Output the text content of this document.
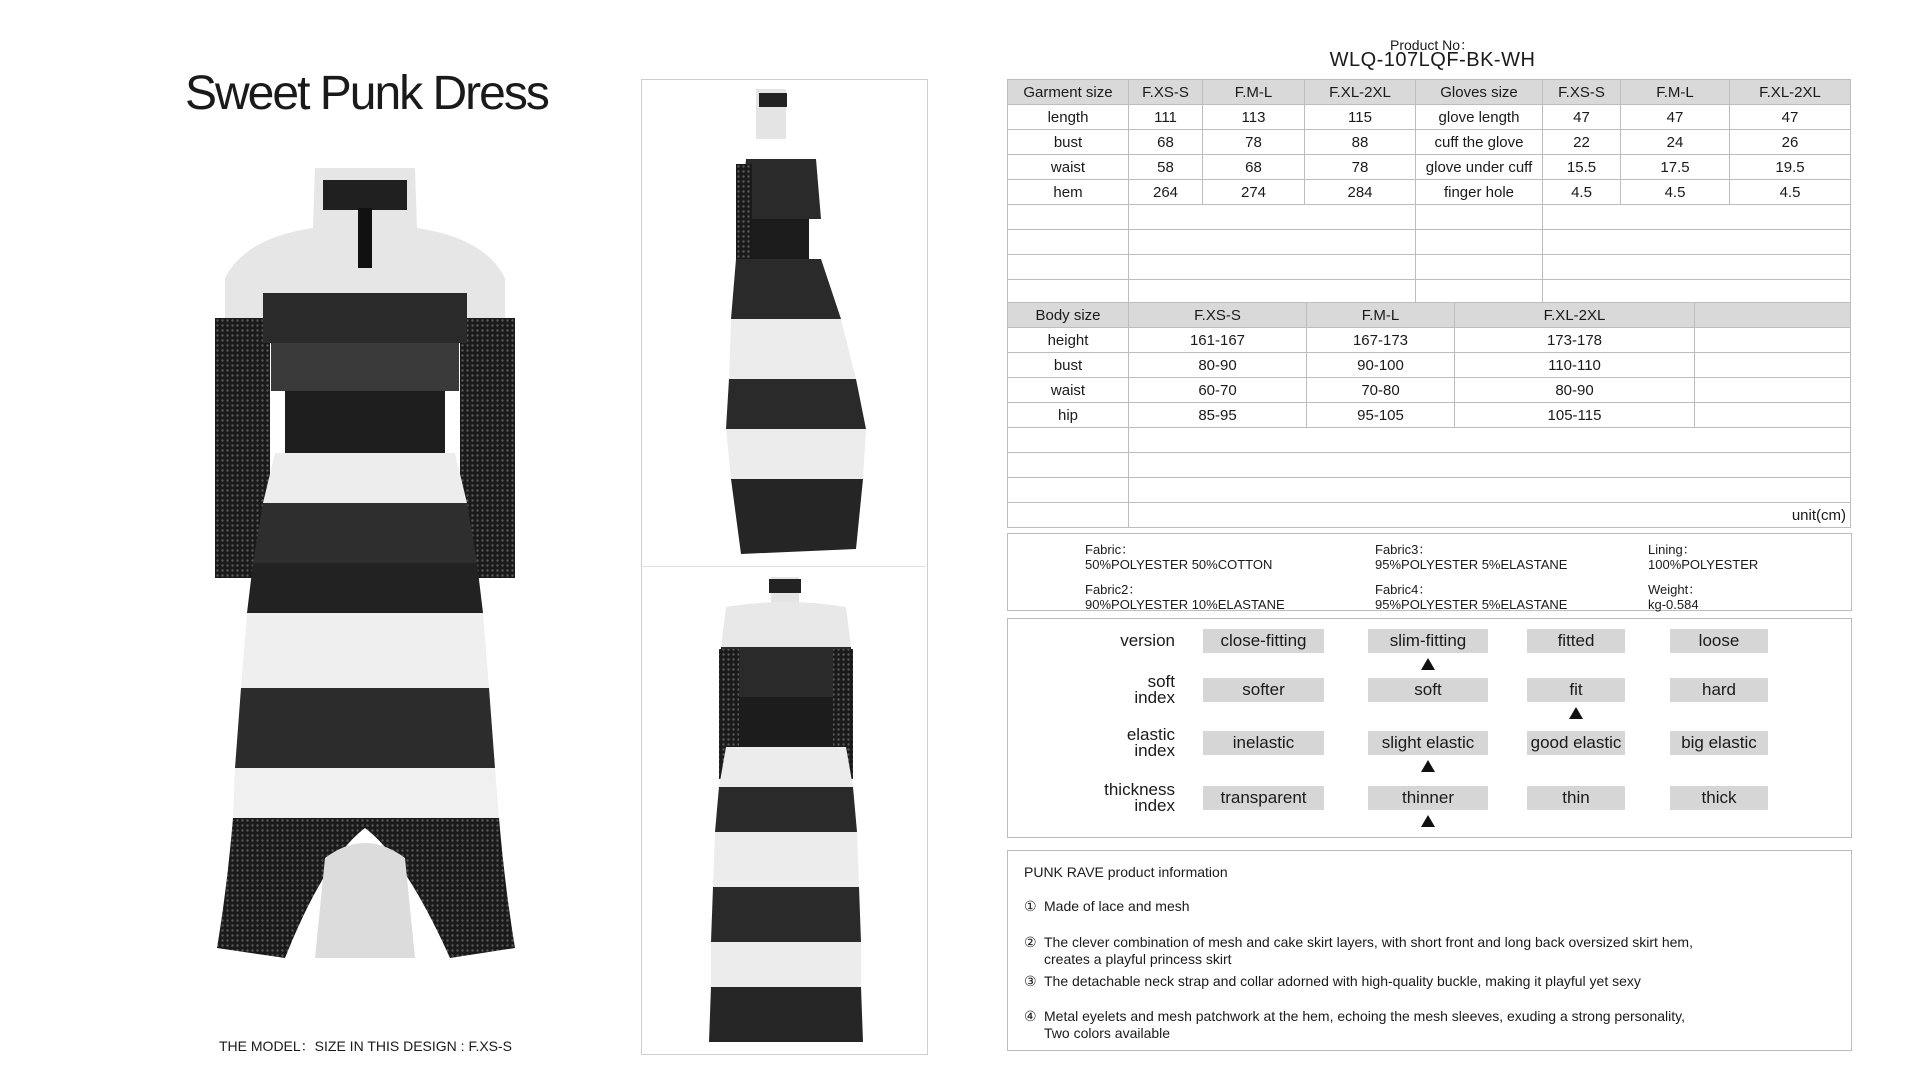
Sweet Punk Dress
THE MODEL：SIZE IN THIS DESIGN : F.XS-S
Product No：
WLQ-107LQF-BK-WH
Garment size	F.XS-S	F.M-L	F.XL-2XL	Gloves size	F.XS-S	F.M-L	F.XL-2XL
length	111	113	115	glove length	47	47	47
bust	68	78	88	cuff the glove	22	24	26
waist	58	68	78	glove under cuff	15.5	17.5	19.5
hem	264	274	284	finger hole	4.5	4.5	4.5

Body size	F.XS-S	F.M-L	F.XL-2XL	
height	161-167	167-173	173-178	
bust	80-90	90-100	110-110	
waist	60-70	70-80	80-90	
hip	85-95	95-105	105-115	

	unit(cm)			
Fabric：
50%POLYESTER 50%COTTON
Fabric2：
90%POLYESTER 10%ELASTANE
Fabric3：
95%POLYESTER 5%ELASTANE
Fabric4：
95%POLYESTER 5%ELASTANE
Lining：
100%POLYESTER
Weight：
kg-0.584
version	close-fitting	slim-fitting	fitted	loose
soft
index	softer	soft	fit	hard
elastic
index	inelastic	slight elastic	good elastic	big elastic
thickness
index	transparent	thinner	thin	thick
PUNK RAVE product information
① Made of lace and mesh
② The clever combination of mesh and cake skirt layers, with short front and long back oversized skirt hem,
creates a playful princess skirt
③ The detachable neck strap and collar adorned with high-quality buckle, making it playful yet sexy
④ Metal eyelets and mesh patchwork at the hem, echoing the mesh sleeves, exuding a strong personality,
Two colors available
